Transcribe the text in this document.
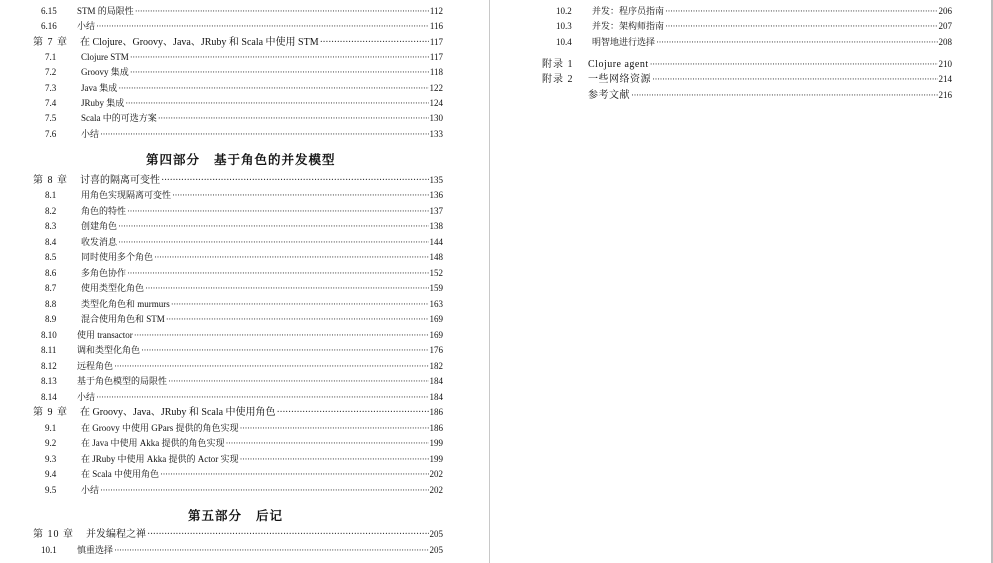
6.15	STM 的局限性 ·····	112
6.16	小结 ·····	116
第 7 章 在 Clojure、Groovy、Java、JRuby 和 Scala 中使用 STM ·····	117
7.1	Clojure STM ·····	117
7.2	Groovy 集成 ·····	118
7.3	Java 集成 ·····	122
7.4	JRuby 集成 ·····	124
7.5	Scala 中的可选方案 ·····	130
7.6	小结 ·····	133
第四部分 基于角色的并发模型
第 8 章 讨喜的隔离可变性 ·····	135
8.1	用角色实现隔离可变性 ·····	136
8.2	角色的特性 ·····	137
8.3	创建角色 ·····	138
8.4	收发消息 ·····	144
8.5	同时使用多个角色 ·····	148
8.6	多角色协作 ·····	152
8.7	使用类型化角色 ·····	159
8.8	类型化角色和 murmurs ·····	163
8.9	混合使用角色和 STM ·····	169
8.10	使用 transactor ·····	169
8.11	调和类型化角色 ·····	176
8.12	远程角色 ·····	182
8.13	基于角色模型的局限性 ·····	184
8.14	小结 ·····	184
第 9 章 在 Groovy、Java、JRuby 和 Scala 中使用角色 ·····	186
9.1	在 Groovy 中使用 GPars 提供的角色实现 ·····	186
9.2	在 Java 中使用 Akka 提供的角色实现 ·····	199
9.3	在 JRuby 中使用 Akka 提供的 Actor 实现 ·····	199
9.4	在 Scala 中使用角色 ·····	202
9.5	小结 ·····	202
第五部分 后记
第 10 章 并发编程之禅 ·····	205
10.1	慎重选择 ·····	205
10.2	并发：程序员指南 ·····	206
10.3	并发：架构师指南 ·····	207
10.4	明智地进行选择 ·····	208
附录 1	Clojure agent ·····	210
附录 2	一些网络资源 ·····	214
参考文献 ·····	216
